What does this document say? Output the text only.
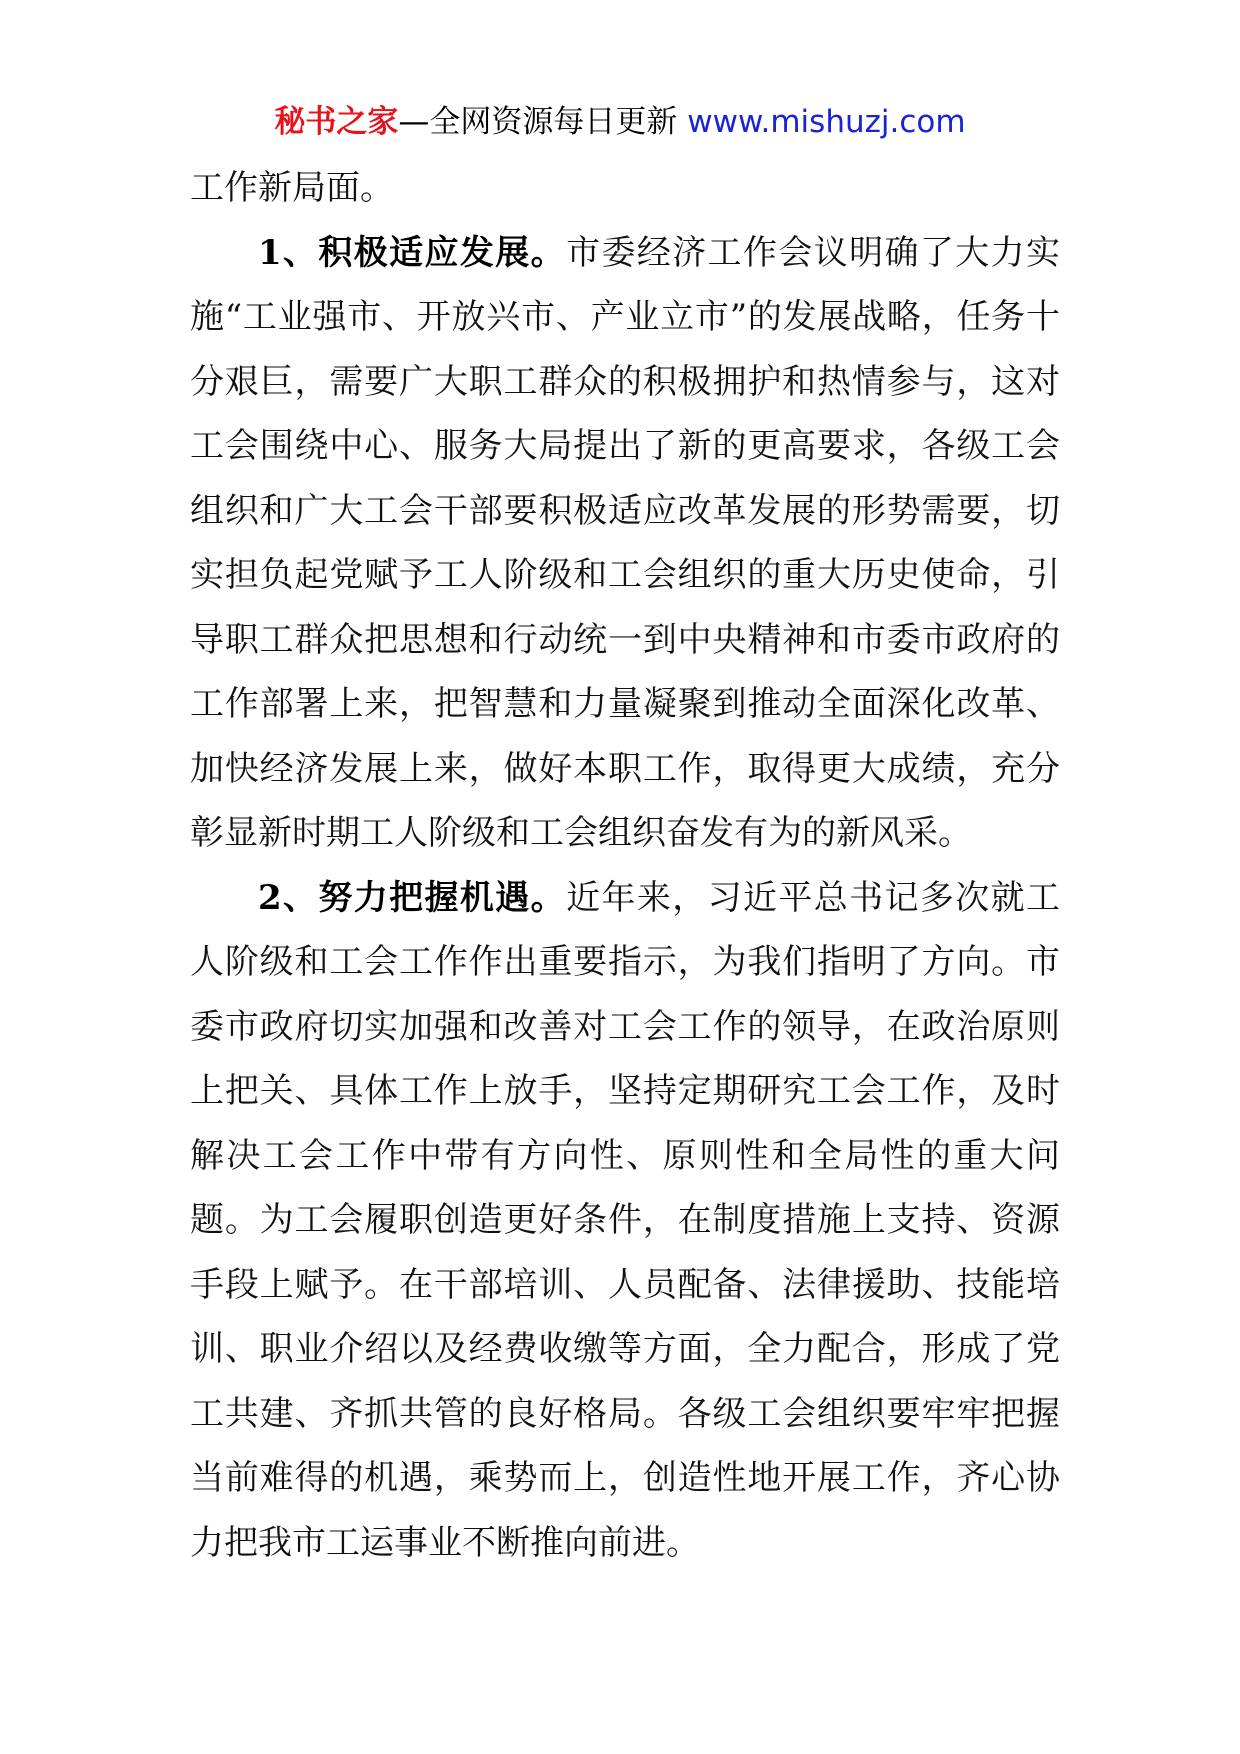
秘书之家—全网资源每日更新 www.mishuzj.com

工作新局面。

1、积极适应发展。市委经济工作会议明确了大力实施“工业强市、开放兴市、产业立市”的发展战略，任务十分艰巨，需要广大职工群众的积极拥护和热情参与，这对工会围绕中心、服务大局提出了新的更高要求，各级工会组织和广大工会干部要积极适应改革发展的形势需要，切实担负起党赋予工人阶级和工会组织的重大历史使命，引导职工群众把思想和行动统一到中央精神和市委市政府的工作部署上来，把智慧和力量凝聚到推动全面深化改革、加快经济发展上来，做好本职工作，取得更大成绩，充分彰显新时期工人阶级和工会组织奋发有为的新风采。

2、努力把握机遇。近年来，习近平总书记多次就工人阶级和工会工作作出重要指示，为我们指明了方向。市委市政府切实加强和改善对工会工作的领导，在政治原则上把关、具体工作上放手，坚持定期研究工会工作，及时解决工会工作中带有方向性、原则性和全局性的重大问题。为工会履职创造更好条件，在制度措施上支持、资源手段上赋予。在干部培训、人员配备、法律援助、技能培训、职业介绍以及经费收缴等方面，全力配合，形成了党工共建、齐抓共管的良好格局。各级工会组织要牢牢把握当前难得的机遇，乘势而上，创造性地开展工作，齐心协力把我市工运事业不断推向前进。
